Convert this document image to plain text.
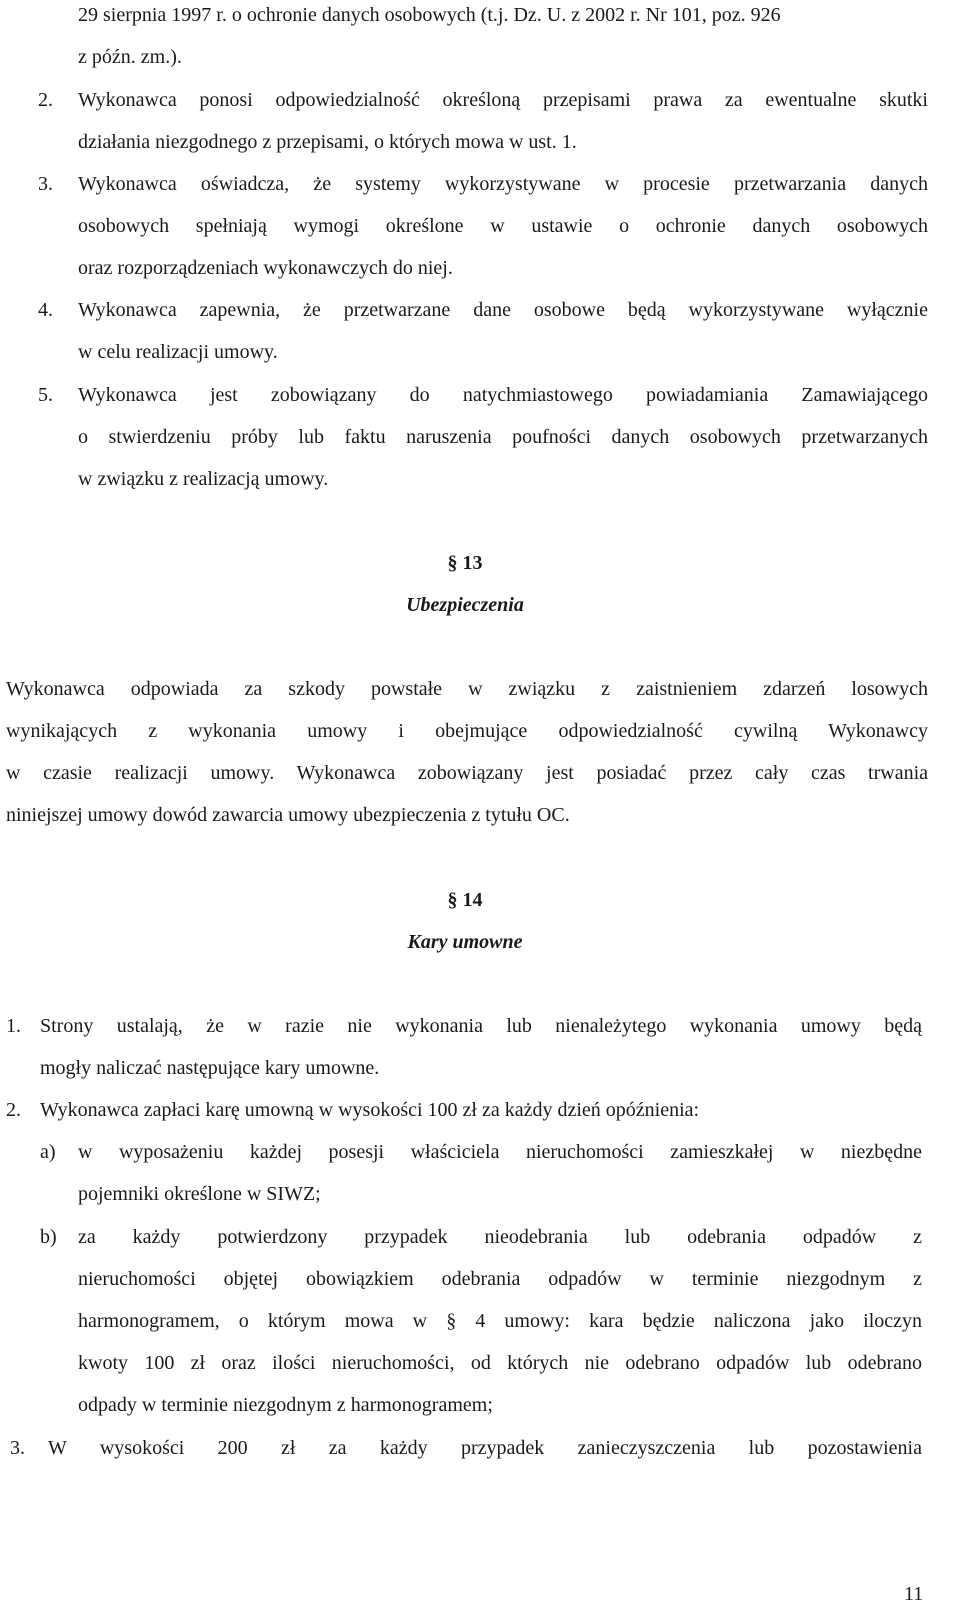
29 sierpnia 1997 r. o ochronie danych osobowych (t.j. Dz. U. z 2002 r. Nr 101, poz. 926
z późn. zm.).
2. Wykonawca ponosi odpowiedzialność określoną przepisami prawa za ewentualne skutki
działania niezgodnego z przepisami, o których mowa w ust. 1.
3. Wykonawca oświadcza, że systemy wykorzystywane w procesie przetwarzania danych
osobowych spełniają wymogi określone w ustawie o ochronie danych osobowych
oraz rozporządzeniach wykonawczych do niej.
4. Wykonawca zapewnia, że przetwarzane dane osobowe będą wykorzystywane wyłącznie
w celu realizacji umowy.
5. Wykonawca jest zobowiązany do natychmiastowego powiadamiania Zamawiającego
o stwierdzeniu próby lub faktu naruszenia poufności danych osobowych przetwarzanych
w związku z realizacją umowy.
§ 13
Ubezpieczenia
Wykonawca odpowiada za szkody powstałe w związku z zaistnieniem zdarzeń losowych
wynikających z wykonania umowy i obejmujące odpowiedzialność cywilną Wykonawcy
w czasie realizacji umowy. Wykonawca zobowiązany jest posiadać przez cały czas trwania
niniejszej umowy dowód zawarcia umowy ubezpieczenia z tytułu OC.
§ 14
Kary umowne
1. Strony ustalają, że w razie nie wykonania lub nienależytego wykonania umowy będą
mogły naliczać następujące kary umowne.
2. Wykonawca zapłaci karę umowną w wysokości 100 zł za każdy dzień opóźnienia:
a) w wyposażeniu każdej posesji właściciela nieruchomości zamieszkałej w niezbędne
pojemniki określone w SIWZ;
b) za każdy potwierdzony przypadek nieodebrania lub odebrania odpadów z
nieruchomości objętej obowiązkiem odebrania odpadów w terminie niezgodnym z
harmonogramem, o którym mowa w § 4 umowy: kara będzie naliczona jako iloczyn
kwoty 100 zł oraz ilości nieruchomości, od których nie odebrano odpadów lub odebrano
odpady w terminie niezgodnym z harmonogramem;
3. W wysokości 200 zł za każdy przypadek zanieczyszczenia lub pozostawienia
11
